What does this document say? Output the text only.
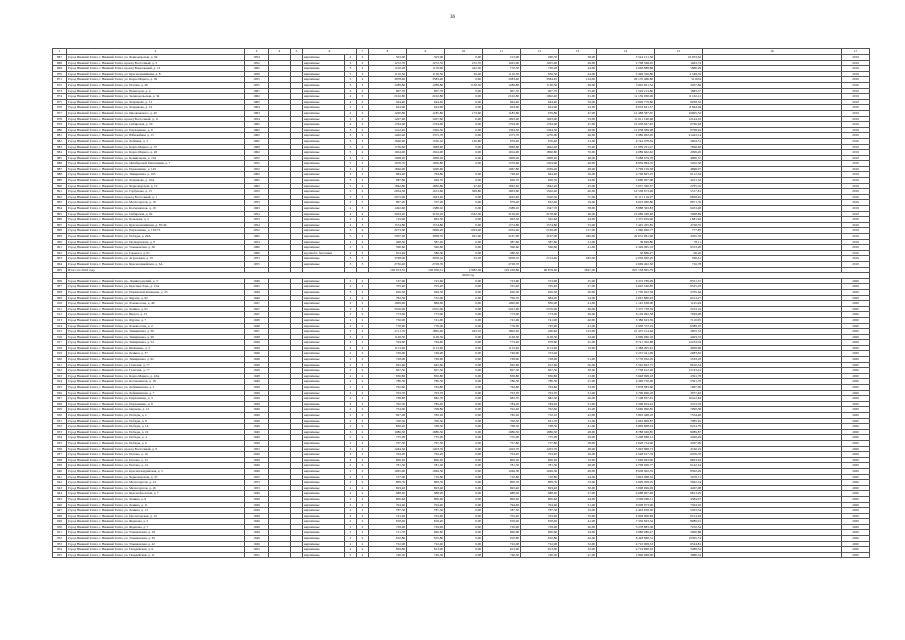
36
1	2	3	4	5	6		7	8	9	10	11	12	13	14	15	16	17
867	Город Нижний Тагил, г. Нижний Тагил, ул. Черноморская, д. 94	1954			кирпичные	2	2	503,00	503,00	0,00	513,00	296,70	38,00	3 524 151,56	16 033,62		2019
868	Город Нижний Тагил, г. Нижний Тагил, проезд Восточный, д. 3	1952			кирпичные	3	2	1272,70	1272,70	272,70	1025,00	1025,00	26,00	2 708 568,05	1663,74		2019
869	Город Нижний Тагил, г. Нижний Тагил, проезд Вокзальный, д. 13	1962			кирпичные	3	2	1210,20	1176,90	422,30	776,50	736,20	44,00	2 648 888,88	5880,29		2019
870	Город Нижний Тагил, г. Нижний Тагил, ул. Краснознамённая, д. 8	1956			кирпичные	5	3	1116,50	1116,50	26,40	1116,50	956,50	44,00	2 449 320,80	5 548,76		2019
871	Город Нижний Тагил, г. Нижний Тагил, ул. Карла Маркса, д. 39	1955			кирпичные	5	4	3878,40	3583,40	0,00	3583,40	3584,45	124,00	26 170 486,80	511034		2019
872	Город Нижний Тагил, г. Нижний Тагил, ул. Попова, д. 46	1955			кирпичные	3	2	1289,80	1289,80	1136,30	1289,80	1136,30	48,00	3 992 821,32	3207,66		2019
873	Город Нижний Тагил, г. Нижний Тагил, ул. Новаторов, д. 4	1961			кирпичные	2	2	907,70	907,70	0,00	907,70	907,70	25,00	1 520 213,80	1883,57		2019
874	Город Нижний Тагил, г. Нижний Тагил, ул. Зеленодольская, д. 34	1962			кирпичные	4	3	2102,80	2102,80	0,00	2102,80	1992,40	61,00	11 139 936,90	6 162,21		2019
875	Город Нижний Тагил, г. Нижний Тагил, ул. Хохрякова, д. 13	1965			кирпичные	4	2	944,40	944,40	0,00	944,40	944,40	34,00	4 849 779,80	6038,34		2019
876	Город Нижний Тагил, г. Нижний Тагил, ул. Хохрякова, д. 14	1964			кирпичные	2	2	624,90	624,90	0,00	624,90	624,90	22,00	6 633 641,57	8 864,39		2019
877	Город Нижний Тагил, г. Нижний Тагил, ул. Циолковского, д. 40	1963			кирпичные	2	2	1200,80	1185,80	173,60	1185,80	979,80	47,00	12 488 587,67	10905,33		2019
878	Город Нижний Тагил, г. Нижний Тагил, проезд Восточный, д. 11	1954			кирпичные	3	2	1207,60	1207,60	0,00	1093,00	1093,00	33,00	11 611 160,68	12144,16		2019
879	Город Нижний Тагил, г. Нижний Тагил, ул. Сибирская, д. 50	1962			кирпичные	4	3	1794,00	1794,00	0,00	1794,00	1794,00	47,00	10 038 647,95	6796,93		2019
880	Город Нижний Тагил, г. Нижний Тагил, ул. Пархоменко, д. 8	1962			кирпичные	3	2	1412,40	1394,50	0,00	1394,50	1394,50	48,00	12 638 389,98	6798,92		2019
881	Город Нижний Тагил, г. Нижний Тагил, ул. Юбилейная, д. 15	1962			кирпичные	3	2	1462,40	1375,70	0,00	1375,70	1270,00	46,00	2 989 902,95	21443,14		2019
882	Город Нижний Тагил, г. Нижний Тагил, ул. Лебяжья, д. 3	1962			кирпичные	3	2	1646,90	1520,10	126,80	676,40	676,40	31,00	4 742 078,65	2604,31		2019
883	Город Нижний Тагил, г. Нижний Тагил, ул. Карла Маркса, д. 57	1960			кирпичные	5	4	1756,60	1698,60	0,00	1698,60	1642,40	55,00	15 659 201,27	7848,46		2019
884	Город Нижний Тагил, г. Нижний Тагил, ул. Карла Маркса, д. 26	1962			кирпичные	5	4	1924,00	1924,00	0,00	1924,00	1890,80	76,00	4 089 662,62	2099,20		2019
885	Город Нижний Тагил, г. Нижний Тагил, ул. Коминтерна, д. 154	1952			кирпичные	3	2	1008,20	1008,20	0,00	1008,20	1008,20	48,00	5 088 679,78	4890,57		2019
886	Город Нижний Тагил, г. Нижний Тагил, ул. Октябрьской Революции, д. 7	1952			кирпичные	5	3	1976,70	1926,80	0,00	1576,60	1504,90	48,00	8 859 984,70	5292,56		2019
887	Город Нижний Тагил, г. Нижний Тагил, ул. Пархоменко, д. 145	1952			кирпичные	3	2	1826,00	1200,60		1067,80	1039,20	48,00	3 799 159,58	4898,07		2019
888	Город Нижний Тагил, г. Нижний Тагил, ул. Тимирязева, д. 103	1962			кирпичные	2	2	864,40	794,80	0,00	748,40	664,40	39,00	4 798 803,10	6112,34		2019
889	Город Нижний Тагил, г. Нижний Тагил, ул. Хохрякова, д. 10А	1962			кирпичные	3	2	987,80	926,70	0,00	926,70	926,70	34,00	5 680 007,08	4251,32		2019
890	Город Нижний Тагил, г. Нижний Тагил, ул. Черноморская, д. 12	1962			кирпичные	5	4	1862,80	1862,80	47,40	1842,20	1842,20	45,00	5 037 390,37	2705,10		2019
891	Город Нижний Тагил, г. Нижний Тагил, ул. Горбунова, д. 15	1952			кирпичные	3	2	2034,50	1913,60	309,80	1603,80	1502,40	40,00	10 558 673,96	5517,81		2019
892	Город Нижний Тагил, г. Нижний Тагил, проезд Восточный, д. 1	1952			кирпичные	3	2	2072,00	1643,40	0,00	1643,40	1520,50	57,00	12 117 116,97	6858,45		2019
893	Город Нижний Тагил, г. Нижний Тагил, ул. Металлургов, д. 10	1953			кирпичные	2	2	807,20	707,20	0,00	679,40	632,40	19,00	6 023 900,80	8671,70		2019
894	Город Нижний Тагил, г. Нижний Тагил, ул. Космонавтов, д. 16	1963			кирпичные	4	3	1402,60	1388,10	0,00	1388,10	1347,70	38,00	8 888 363,83	6453,48		2019
895	Город Нижний Тагил, г. Нижний Тагил, ул. Сибирская, д. 62	1954			кирпичные	4	4	3294,20	3156,20	1522,30	3156,20	3158,60	48,00	16 089 436,48	5098,89		2019
896	Город Нижний Тагил, г. Нижний Тагил, ул. Кольцова, д. 2	1953			кирпичные	2	2	719,00	663,50	0,00	663,50	562,40	24,00	1 375 659,00	1 881,26		2019
897	Город Нижний Тагил, г. Нижний Тагил, ул. Краснознамённая, д. 65/49	1954			кирпичные	4	3	1574,80	1574,80	0,00	1574,80	1574,80	53,00	7 445 205,85	4728,35		2019
898	Город Нижний Тагил, г. Нижний Тагил, ул. Пархоменко, д. 103/73	1952			кирпичные	5	4	3273,60	3098,20	1204,00	2934,40	2749,00	157,00	1 960 969,77	777,85		2019
899	Город Нижний Тагил, г. Нижний Тагил, ул. Победы, д. 29А	1962			кирпичные	5	4	3307,40	3098,70	925,60	3167,00	3167,00	260,00	29 631 981,96	4305,76		2019
900	Город Нижний Тагил, г. Нижний Тагил, ул. Пражурилова, д. 8	1954			кирпичные	1	4	408,30	387,40	0,00	387,60	387,60	31,00	39 849,80	78,11		2019
901	Город Нижний Тагил, г. Нижний Тагил, ул. Ульяновская, д. 36	1966			кирпичные	2	2	596,60	596,60	0,00	596,60	596,60	41,00	4 349 965,19	6553,20		2019
902	Город Нижний Тагил, г. Нижний Тагил, ул. Горького, д. 61	1960			крупнобл. бетонные	2	2	653,40	586,30	0,00	586,30			56 886,27	96,20		2019
903	Город Нижний Тагил, г. Нижний Тагил, ул. Агрономов, д. 35	1953			кирпичные	3	2	3768,00	3058,10	35,20	3058,10	2714,40	282,00	2 039 600,05	596,61		2019
904	Город Нижний Тагил, г. Нижний Тагил, ул. Красноармейская, д. 3А	1955			кирпичные	3	3	2736,40	2728,70		2728,70			2 669 402,30	716,78		2019
905	Итого по 2019 году							106 813,55	106 658,51	17983,36	103 228,80	96 879,60	3627,00	697 158 865,79			
	2020 год																
906	Город Нижний Тагил, г. Нижний Тагил, пр. Ленинградский, д. 3	1949			кирпичные	2	2	747,00	723,60	0,00	723,60	723,60	25,00	6 372 789,09	8531,57		2020
907	Город Нижний Тагил, г. Нижний Тагил, ул. Красных Зорь, д. 15А	1945			кирпичные	2	2	705,40	705,40	0,00	705,40	705,40	27,00	4 602 540,85	6525,03		2020
908	Город Нижний Тагил, г. Нижний Тагил, ул. Парижской Коммуны, д. 23	1949			кирпичные	3	2	626,30	626,30	0,00	626,30	626,30	30,00	1 750 922,39	2795,64		2020
909	Город Нижний Тагил, г. Нижний Тагил, ул. Фрунзе, д. 62	1949			кирпичные	2	2	782,30	732,00	0,00	700,70	684,20	24,00	4 697 880,93	6413,27		2020
910	Город Нижний Тагил, г. Нижний Тагил, ул. Ломоносова, д. 49	1947			кирпичные	2	2	1009,00	889,00	0,00	1000,00	856,00	41,00	1 145 938,00	1145,94		2020
911	Город Нижний Тагил, г. Нижний Тагил, ул. Ленина, д. 91	1947			кирпичные	3	2	2556,00	2555,00	0,00	2421,00	2376,00	49,00	5 375 758,59	2103,19		2020
912	Город Нижний Тагил, г. Нижний Тагил, ул. Щорса, д. 13	1947			кирпичные	2	2	773,00	773,00	0,00	773,00	773,00	26,00	6 129 092,58	7928,98		2020
913	Город Нижний Тагил, г. Нижний Тагил, ул. Фрунзе, д. 7	1948			кирпичные	2	2	756,00	741,00	0,00	741,00	741,00	40,00	5 386 623,59	7116,95		2020
914	Город Нижний Тагил, г. Нижний Тагил, ул. Ломоносова, д. 2	1948			кирпичные	2	2	776,00	776,00	0,00	776,00	745,00	41,00	4 958 372,19	6389,76		2020
915	Город Нижний Тагил, г. Нижний Тагил, ул. Тимирязева, д. 30	1947			кирпичные	3	2	2711,70	1892,40	293,10	1892,40	296,40	103,00	10 457 214,46	3855,33		2020
916	Город Нижний Тагил, г. Нижний Тагил, ул. Тимирязева, д. 40	1948			кирпичные	3	2	1128,50	1128,50	0,00	1128,50	1128,50	34,00	4 969 060,18	4403,33		2020
917	Город Нижний Тагил, г. Нижний Тагил, ул. Тимирязева, д. 54	1949			кирпичные	2	2	794,60	794,60	0,00	773,40	678,60	25,00	9 721 302,88	12234,34		2020
918	Город Нижний Тагил, г. Нижний Тагил, ул. Шевченко, д. 3	1949			кирпичные	2	2	1113,40	1113,40	0,00	1113,40	1113,40	32,00	5 388 495,81	4839,68		2020
919	Город Нижний Тагил, г. Нижний Тагил, ул. Ленина, д. 37	1946			кирпичные	2	2	749,90	749,90	0,00	749,90	723,20		2 237 421,09	2983,62		2020
920	Город Нижний Тагил, г. Нижний Тагил, ул. Тимирязева, д. 92	1948			кирпичные	2	2	728,90	728,90	0,00	728,90	728,90	31,00	3 778 032,05	5183,18		2020
921	Город Нижний Тагил, г. Нижний Тагил, ул. Газетная, д. 77	1949			кирпичные	2	2	645,60	645,60	0,00	645,60	612,60	26,00	5 562 822,75	8616,54		2020
922	Город Нижний Тагил, г. Нижний Тагил, ул. Газетная, д. 77	1949			кирпичные	2	2	607,30	607,30	0,00	607,30	607,30	30,00	7 738 612,26	12743,01		2020
923	Город Нижний Тагил, г. Нижний Тагил, ул. Карла Маркса, д. 22А	1948			кирпичные	2	2	830,80	830,80	0,00	830,80	830,80	13,00	3 648 698,18	4391,79		2020
924	Город Нижний Тагил, г. Нижний Тагил, ул. Космонавтов, д. 18	1949			кирпичные	2	2	786,30	786,30	0,00	786,30	786,30	27,00	4 396 756,06	5591,70		2020
925	Город Нижний Тагил, г. Нижний Тагил, ул. Лебяжинская, д. 5	1949			кирпичные	2	2	762,60	764,80	0,00	764,80	764,80	33,00	5 878 983,60	7687,06		2020
926	Город Нижний Тагил, г. Нижний Тагил, ул. Лебяжинская, д. 7	1949			кирпичные	2	2	703,70	703,70	0,00	703,70	703,70	31,00	2 799 060,18	3977,63		2020
927	Город Нижний Тагил, г. Нижний Тагил, ул. Пархоменко, д. 3	1949			кирпичные	2	2	768,80	682,70	0,00	682,70	682,30	26,00	7 108 837,81	10412,84		2020
928	Город Нижний Тагил, г. Нижний Тагил, ул. Пархоменко, д. 9	1949			кирпичные	2	2	792,30	784,20	0,00	784,20	784,20	31,00	2 598 654,42	3313,76		2020
929	Город Нижний Тагил, г. Нижний Тагил, ул. Окунева, д. 12	1949			кирпичные	2	2	754,90	708,80	0,00	702,40	702,40	45,00	5 669 960,85	7999,38		2020
930	Город Нижний Тагил, г. Нижний Тагил, ул. Победы, д. 2	1949			кирпичные	2	2	827,00	782,20	0,00	782,20	752,10	43,00	5 893 468,10	7534,48		2020
931	Город Нижний Тагил, г. Нижний Тагил, ул. Победы, д. 8	1949			кирпичные	2	2	700,50	700,50	0,00	700,50	631,70	31,00	4 963 806,87	7085,95		2020
932	Город Нижний Тагил, г. Нижний Тагил, ул. Победы, д. 14	1949			кирпичные	2	2	836,40	768,50	0,00	768,50	768,50	41,00	4 806 808,03	6254,79		2020
933	Город Нижний Тагил, г. Нижний Тагил, ул. Победы, д. 19	1949			кирпичные	3	2	1086,30	1086,30	0,00	1086,30	1086,30	48,00	8 788 026,85	8089,87		2020
934	Город Нижний Тагил, г. Нижний Тагил, ул. Победы, д. 4	1949			кирпичные	2	2	755,00	755,00	0,00	755,00	755,00	29,00	3 298 968,12	4369,49		2020
935	Город Нижний Тагил, г. Нижний Тагил, ул. Победы, д. 6	1949			кирпичные	2	2	797,30	797,30	0,00	757,80	757,80	38,00	2 628 754,00	3297,09		2020
936	Город Нижний Тагил, г. Нижний Тагил, проезд Восточный, д. 9	1952			кирпичные	3	2	1264,50	1203,70	0,00	1203,70	1203,70	48,00	5 993 868,73	4740,19		2020
937	Город Нижний Тагил, г. Нижний Тагил, ул. Попова, д. 10	1949			кирпичные	2	2	704,20	704,20	0,00	704,20	704,20	29,00	4 548 917,76	6459,70		2020
938	Город Нижний Тагил, г. Нижний Тагил, ул. Попова, д. 12	1949			кирпичные	2	2	800,20	800,20	0,00	800,20	800,20	32,00	7 068 663,96	8833,62		2020
939	Город Нижний Тагил, г. Нижний Тагил, ул. Попова, д. 14	1949			кирпичные	2	2	781,30	781,30	0,00	781,30	781,30	28,00	4 798 936,77	6142,24		2020
940	Город Нижний Тагил, г. Нижний Тагил, ул. Красногвардейская, д. 5	1949			кирпичные	2	2	1065,00	1049,30	0,00	1049,30	1049,30	48,00	8 938 002,35	8392,49		2020
941	Город Нижний Тагил, г. Нижний Тагил, ул. Черноморская, д. 47	1952			кирпичные	2	2	757,00	710,80	0,00	710,80	710,80	24,00	3 843 068,32	5076,71		2020
942	Город Нижний Тагил, г. Нижний Тагил, ул. Металлургов, д. 14	1953			кирпичные	2	2	809,70	809,70	0,00	809,70	809,70	33,00	4 609 009,05	5692,24		2020
943	Город Нижний Тагил, г. Нижний Тагил, ул. Металлургов, д. 16	1953			кирпичные	2	2	693,40	693,40	0,00	693,40	693,40	30,00	3 098 096,09	4467,98		2020
944	Город Нижний Тагил, г. Нижний Тагил, ул. Краснофлотская, д. 7	1949			кирпичные	2	2	688,20	688,20	0,00	688,20	688,20	27,00	4 688 907,48	6813,29		2020
945	Город Нижний Тагил, г. Нижний Тагил, ул. Ленина, д. 9	1949			кирпичные	2	2	800,40	800,40	0,00	800,40	800,40	44,00	3 509 006,11	4384,07		2020
946	Город Нижний Тагил, г. Нижний Тагил, ул. Ленина, д. 11	1949			кирпичные	2	2	794,40	794,40	0,00	794,40	794,40	31,00	6 008 073,00	7563,03		2020
947	Город Нижний Тагил, г. Нижний Тагил, ул. Ленина, д. 13	1949			кирпичные	2	2	787,30	787,30	0,00	787,30	787,30	33,00	4 403 658,36	5593,34		2020
948	Город Нижний Тагил, г. Нижний Тагил, ул. Пролетарская, д. 14	1949			кирпичные	2	2	741,40	703,40	0,00	703,40	703,40	35,00	4 828 696,89	6514,29		2020
949	Город Нижний Тагил, г. Нижний Тагил, ул. Жданова, д. 5	1949			кирпичные	2	2	818,40	818,40	0,00	818,40	818,40	41,00	7 356 603,34	8989,01		2020
950	Город Нижний Тагил, г. Нижний Тагил, ул. Жданова, д. 7	1949			кирпичные	2	2	729,90	729,90	0,00	729,90	729,90	26,00	5 278 883,38	7232,34		2020
951	Город Нижний Тагил, г. Нижний Тагил, ул. Ульяновская, д. 18	1949			кирпичные	2	2	711,70	690,60	0,00	690,60	690,60	34,00	3 986 086,47	5600,88		2020
952	Город Нижний Тагил, г. Нижний Тагил, ул. Ульяновская, д. 20	1949			кирпичные	2	2	810,80	810,80	0,00	810,80	810,80	42,00	8 428 866,31	10395,74		2020
953	Город Нижний Тагил, г. Нижний Тагил, ул. Ульяновская, д. 22	1949			кирпичные	2	2	722,00	722,00	0,00	722,00	722,00	32,00	4 710 908,53	6524,81		2020
954	Город Нижний Тагил, г. Нижний Тагил, ул. Гвардейская, д. 9	1952			кирпичные	2	2	859,80	813,00	0,00	813,00	813,00	32,00	4 719 896,93	5489,52		2020
955	Город Нижний Тагил, г. Нижний Тагил, ул. Гвардейская, д. 11	1952			кирпичные	2	2	746,30	746,30	0,00	746,30	746,30	27,00	2 896 668,06	3880,54		2020
